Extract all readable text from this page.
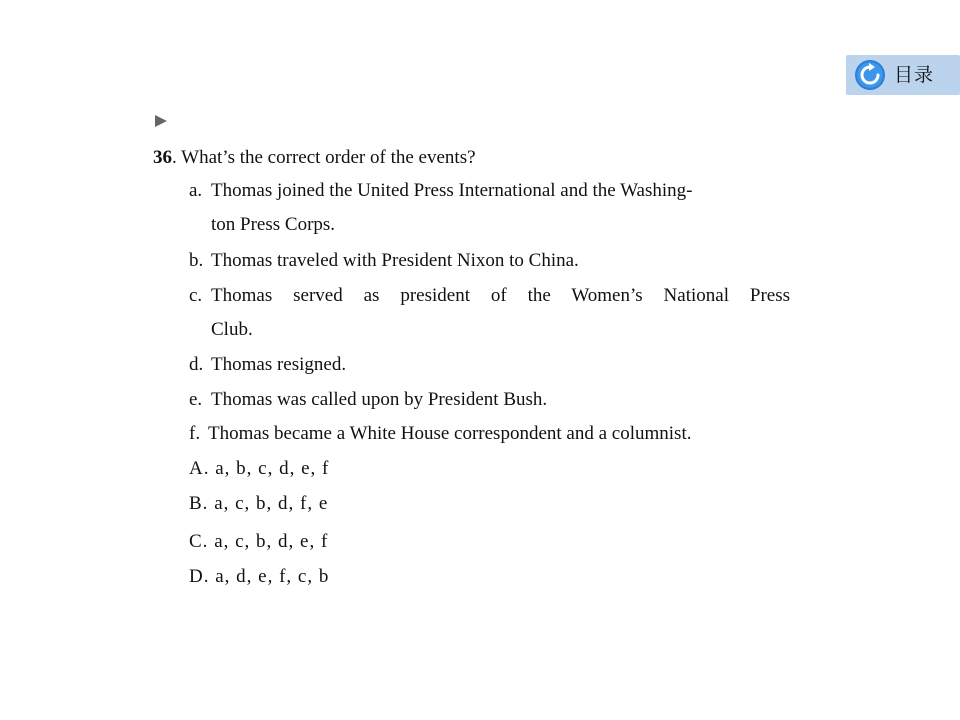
目录
36. What’s the correct order of the events?
a. Thomas joined the United Press International and the Washing-
ton Press Corps.
b. Thomas traveled with President Nixon to China.
c. Thomas served as president of the Women’s National Press
Club.
d. Thomas resigned.
e. Thomas was called upon by President Bush.
f. Thomas became a White House correspondent and a columnist.
A. a, b, c, d, e, f
B. a, c, b, d, f, e
C. a, c, b, d, e, f
D. a, d, e, f, c, b
